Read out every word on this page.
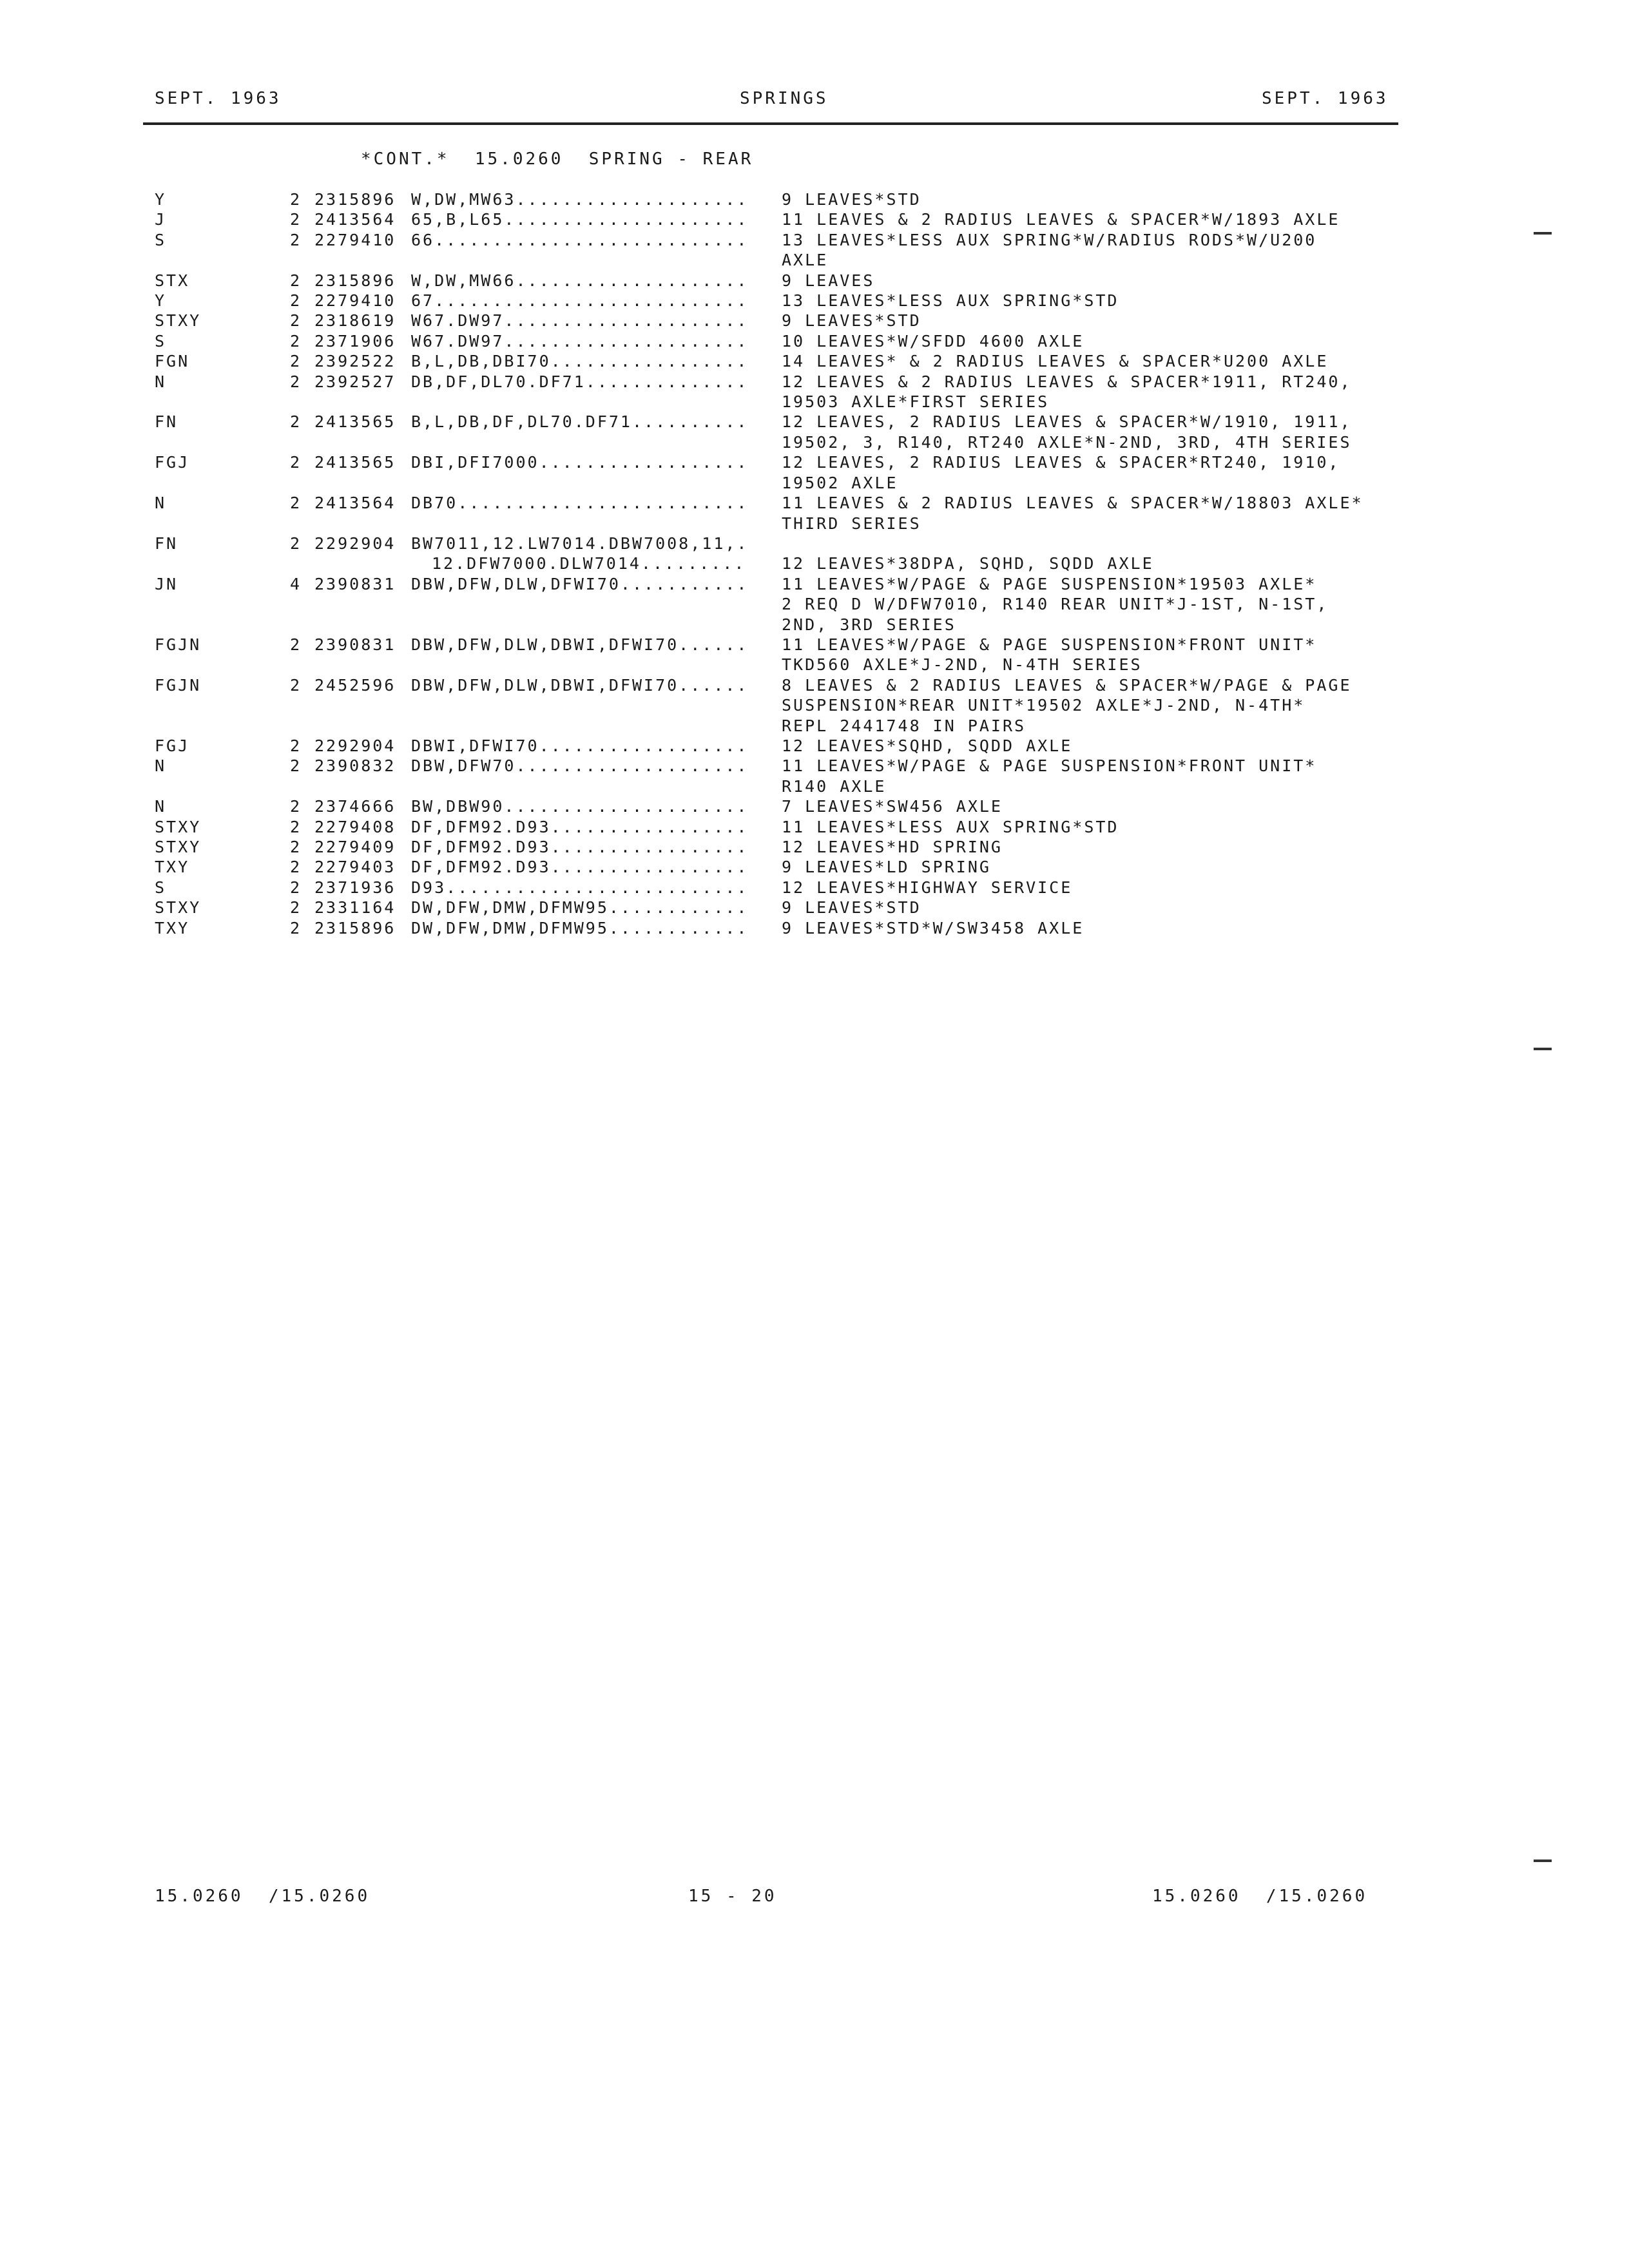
SEPT. 1963	SPRINGS	SEPT. 1963
*CONT.*  15.0260  SPRING - REAR
Y	2 2315896 W,DW,MW63.................... 9 LEAVES*STD
J	2 2413564 65,B,L65..................... 11 LEAVES & 2 RADIUS LEAVES & SPACER*W/1893 AXLE
S	2 2279410 66........................... 13 LEAVES*LESS AUX SPRING*W/RADIUS RODS*W/U200
AXLE
STX	2 2315896 W,DW,MW66.................... 9 LEAVES
Y	2 2279410 67........................... 13 LEAVES*LESS AUX SPRING*STD
STXY	2 2318619 W67.DW97..................... 9 LEAVES*STD
S	2 2371906 W67.DW97..................... 10 LEAVES*W/SFDD 4600 AXLE
FGN	2 2392522 B,L,DB,DBI70................. 14 LEAVES* & 2 RADIUS LEAVES & SPACER*U200 AXLE
N	2 2392527 DB,DF,DL70.DF71.............. 12 LEAVES & 2 RADIUS LEAVES & SPACER*1911, RT240,
19503 AXLE*FIRST SERIES
FN	2 2413565 B,L,DB,DF,DL70.DF71.......... 12 LEAVES, 2 RADIUS LEAVES & SPACER*W/1910, 1911,
19502, 3, R140, RT240 AXLE*N-2ND, 3RD, 4TH SERIES
FGJ	2 2413565 DBI,DFI7000.................. 12 LEAVES, 2 RADIUS LEAVES & SPACER*RT240, 1910,
19502 AXLE
N	2 2413564 DB70......................... 11 LEAVES & 2 RADIUS LEAVES & SPACER*W/18803 AXLE*
THIRD SERIES
FN	2 2292904 BW7011,12.LW7014.DBW7008,11,.

12.DFW7000.DLW7014......... 12 LEAVES*38DPA, SQHD, SQDD AXLE
JN	4 2390831 DBW,DFW,DLW,DFWI70........... 11 LEAVES*W/PAGE & PAGE SUSPENSION*19503 AXLE*
2 REQ D W/DFW7010, R140 REAR UNIT*J-1ST, N-1ST,
2ND, 3RD SERIES
FGJN	2 2390831 DBW,DFW,DLW,DBWI,DFWI70...... 11 LEAVES*W/PAGE & PAGE SUSPENSION*FRONT UNIT*
TKD560 AXLE*J-2ND, N-4TH SERIES
FGJN	2 2452596 DBW,DFW,DLW,DBWI,DFWI70...... 8 LEAVES & 2 RADIUS LEAVES & SPACER*W/PAGE & PAGE
SUSPENSION*REAR UNIT*19502 AXLE*J-2ND, N-4TH*
REPL 2441748 IN PAIRS
FGJ	2 2292904 DBWI,DFWI70.................. 12 LEAVES*SQHD, SQDD AXLE
N	2 2390832 DBW,DFW70.................... 11 LEAVES*W/PAGE & PAGE SUSPENSION*FRONT UNIT*
R140 AXLE
N	2 2374666 BW,DBW90..................... 7 LEAVES*SW456 AXLE
STXY	2 2279408 DF,DFM92.D93................. 11 LEAVES*LESS AUX SPRING*STD
STXY	2 2279409 DF,DFM92.D93................. 12 LEAVES*HD SPRING
TXY	2 2279403 DF,DFM92.D93................. 9 LEAVES*LD SPRING
S	2 2371936 D93.......................... 12 LEAVES*HIGHWAY SERVICE
STXY	2 2331164 DW,DFW,DMW,DFMW95............ 9 LEAVES*STD
TXY	2 2315896 DW,DFW,DMW,DFMW95............ 9 LEAVES*STD*W/SW3458 AXLE
15.0260  /15.0260	15 - 20	15.0260  /15.0260
